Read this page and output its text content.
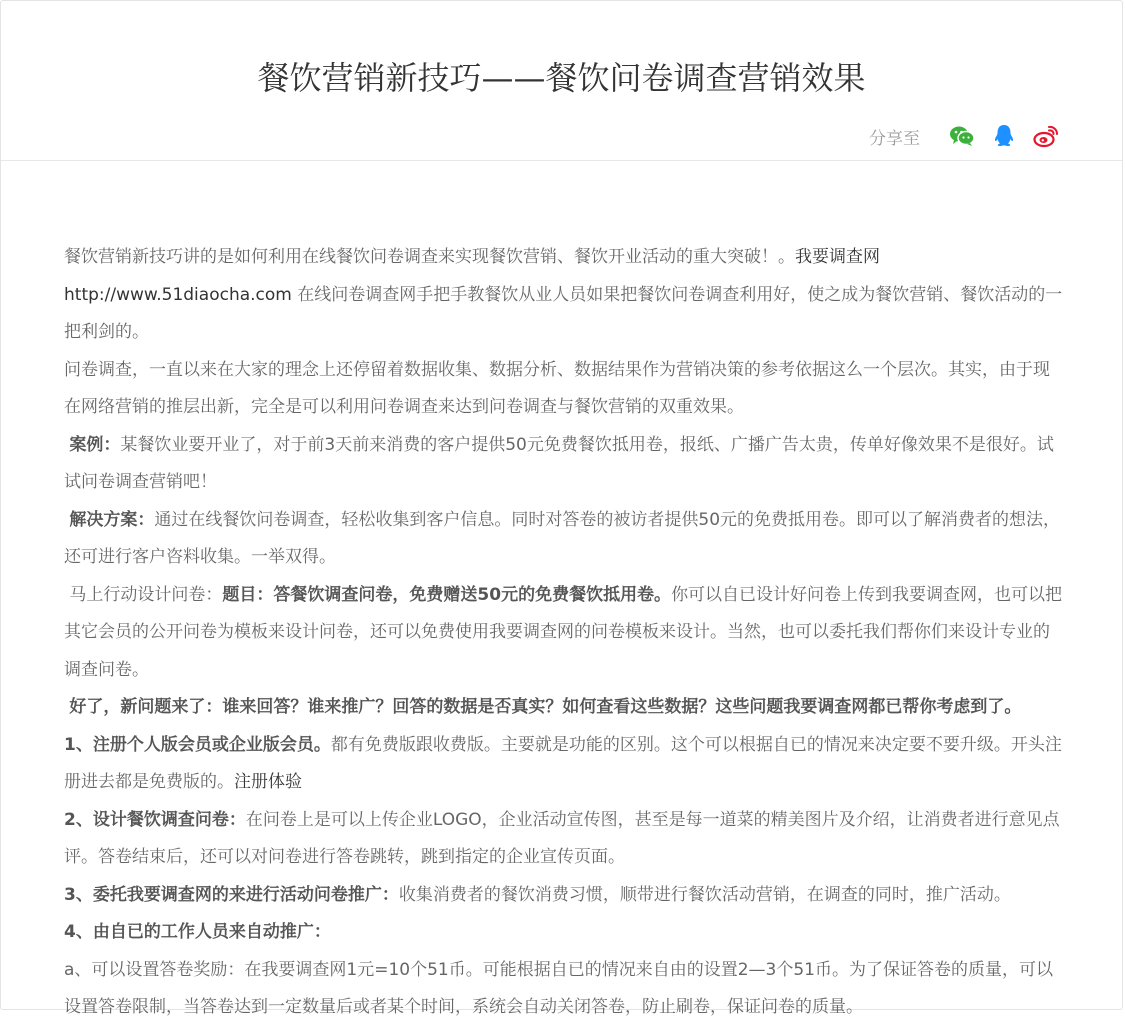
餐饮营销新技巧——餐饮问卷调查营销效果
分享至

餐饮营销新技巧讲的是如何利用在线餐饮问卷调查来实现餐饮营销、餐饮开业活动的重大突破！。我要调查网
http://www.51diaocha.com 在线问卷调查网手把手教餐饮从业人员如果把餐饮问卷调查利用好，使之成为餐饮营销、餐饮活动的一把利剑的。

问卷调查，一直以来在大家的理念上还停留着数据收集、数据分析、数据结果作为营销决策的参考依据这么一个层次。其实，由于现在网络营销的推层出新，完全是可以利用问卷调查来达到问卷调查与餐饮营销的双重效果。

案例：某餐饮业要开业了，对于前3天前来消费的客户提供50元免费餐饮抵用卷，报纸、广播广告太贵，传单好像效果不是很好。试试问卷调查营销吧！

解决方案：通过在线餐饮问卷调查，轻松收集到客户信息。同时对答卷的被访者提供50元的免费抵用卷。即可以了解消费者的想法，还可进行客户咨料收集。一举双得。

马上行动设计问卷：题目：答餐饮调查问卷，免费赠送50元的免费餐饮抵用卷。你可以自已设计好问卷上传到我要调查网，也可以把其它会员的公开问卷为模板来设计问卷，还可以免费使用我要调查网的问卷模板来设计。当然，也可以委托我们帮你们来设计专业的调查问卷。

好了，新问题来了：谁来回答？谁来推广？回答的数据是否真实？如何查看这些数据？这些问题我要调查网都已帮你考虑到了。

1、注册个人版会员或企业版会员。都有免费版跟收费版。主要就是功能的区别。这个可以根据自已的情况来决定要不要升级。开头注册进去都是免费版的。注册体验

2、设计餐饮调查问卷：在问卷上是可以上传企业LOGO，企业活动宣传图，甚至是每一道菜的精美图片及介绍，让消费者进行意见点评。答卷结束后，还可以对问卷进行答卷跳转，跳到指定的企业宣传页面。

3、委托我要调查网的来进行活动问卷推广：收集消费者的餐饮消费习惯，顺带进行餐饮活动营销，在调查的同时，推广活动。

4、由自已的工作人员来自动推广：

a、可以设置答卷奖励：在我要调查网1元=10个51币。可能根据自已的情况来自由的设置2—3个51币。为了保证答卷的质量，可以设置答卷限制，当答卷达到一定数量后或者某个时间，系统会自动关闭答卷，防止刷卷，保证问卷的质量。
